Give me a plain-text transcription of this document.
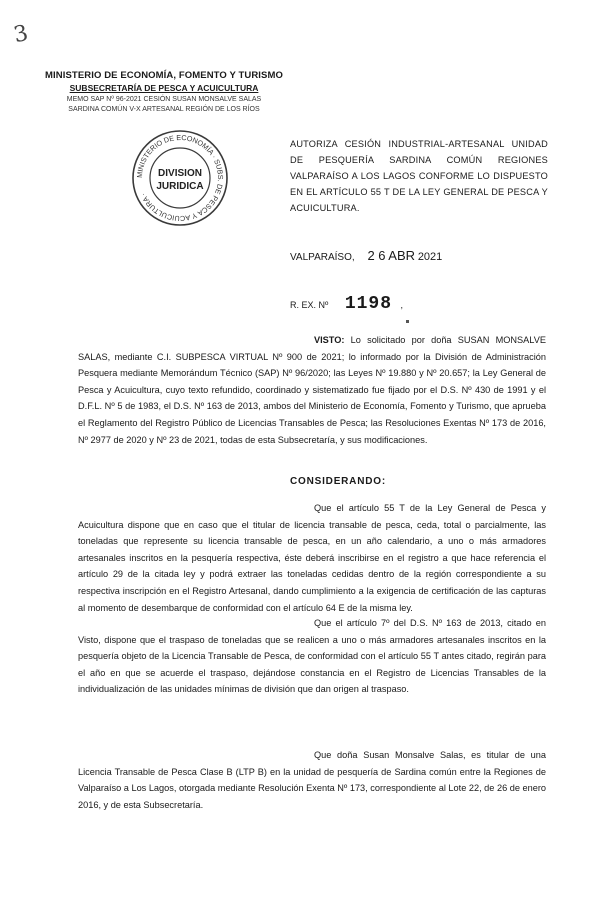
3
MINISTERIO DE ECONOMÍA, FOMENTO Y TURISMO
SUBSECRETARÍA DE PESCA Y ACUICULTURA
MEMO SAP Nº 96-2021 CESIÓN SUSAN MONSALVE SALAS
SARDINA COMÚN V-X ARTESANAL REGIÓN DE LOS RÍOS
MINISTERIO DE ECONOMÍA · SUBS. DE PESCA Y ACUICULTURA ·
DIVISION
JURIDICA
AUTORIZA CESIÓN INDUSTRIAL-ARTESANAL UNIDAD DE PESQUERÍA SARDINA COMÚN REGIONES VALPARAÍSO A LOS LAGOS CONFORME LO DISPUESTO EN EL ARTÍCULO 55 T DE LA LEY GENERAL DE PESCA Y ACUICULTURA.
VALPARAÍSO, 2 6 ABR 2021
R. EX. Nº 1198 ,
VISTO: Lo solicitado por doña SUSAN MONSALVE SALAS, mediante C.I. SUBPESCA VIRTUAL Nº 900 de 2021; lo informado por la División de Administración Pesquera mediante Memorándum Técnico (SAP) Nº 96/2020; las Leyes Nº 19.880 y Nº 20.657; la Ley General de Pesca y Acuicultura, cuyo texto refundido, coordinado y sistematizado fue fijado por el D.S. Nº 430 de 1991 y el D.F.L. Nº 5 de 1983, el D.S. Nº 163 de 2013, ambos del Ministerio de Economía, Fomento y Turismo, que aprueba el Reglamento del Registro Público de Licencias Transables de Pesca; las Resoluciones Exentas Nº 173 de 2016, Nº 2977 de 2020 y Nº 23 de 2021, todas de esta Subsecretaría, y sus modificaciones.
CONSIDERANDO:
Que el artículo 55 T de la Ley General de Pesca y Acuicultura dispone que en caso que el titular de licencia transable de pesca, ceda, total o parcialmente, las toneladas que represente su licencia transable de pesca, en un año calendario, a uno o más armadores artesanales inscritos en la pesquería respectiva, éste deberá inscribirse en el registro a que hace referencia el artículo 29 de la citada ley y podrá extraer las toneladas cedidas dentro de la región correspondiente a su respectiva inscripción en el Registro Artesanal, dando cumplimiento a la exigencia de certificación de las capturas al momento de desembarque de conformidad con el artículo 64 E de la misma ley.
Que el artículo 7º del D.S. Nº 163 de 2013, citado en Visto, dispone que el traspaso de toneladas que se realicen a uno o más armadores artesanales inscritos en la pesquería objeto de la Licencia Transable de Pesca, de conformidad con el artículo 55 T antes citado, regirán para el año en que se acuerde el traspaso, dejándose constancia en el Registro de Licencias Transables de la individualización de las unidades mínimas de división que dan origen al traspaso.
Que doña Susan Monsalve Salas, es titular de una Licencia Transable de Pesca Clase B (LTP B) en la unidad de pesquería de Sardina común entre la Regiones de Valparaíso a Los Lagos, otorgada mediante Resolución Exenta Nº 173, correspondiente al Lote 22, de 26 de enero 2016, y de esta Subsecretaría.
